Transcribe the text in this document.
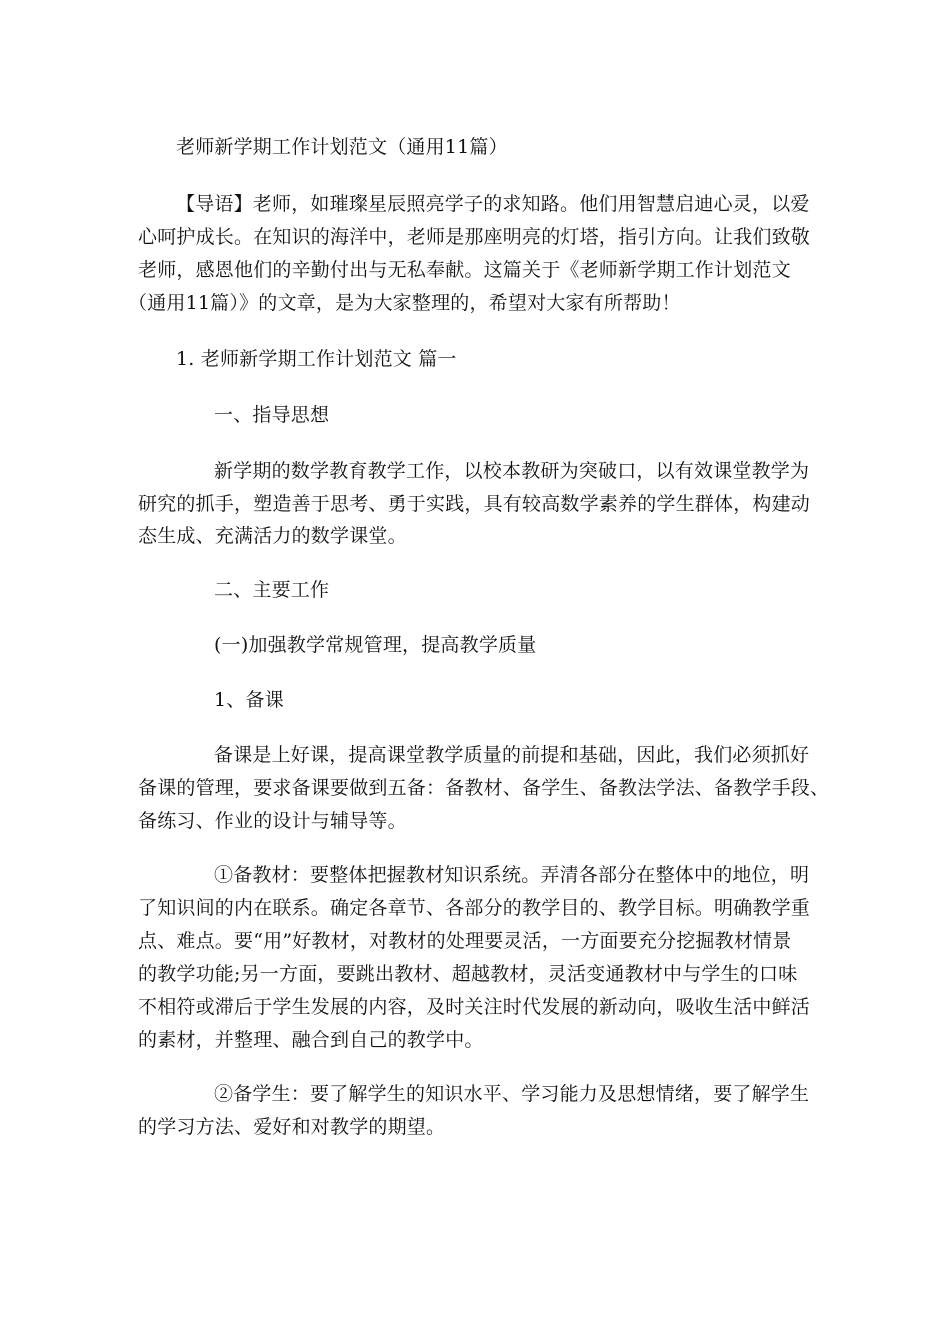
老师新学期工作计划范文（通用11篇）
【导语】老师，如璀璨星辰照亮学子的求知路。他们用智慧启迪心灵，以爱
心呵护成长。在知识的海洋中，老师是那座明亮的灯塔，指引方向。让我们致敬
老师，感恩他们的辛勤付出与无私奉献。这篇关于《老师新学期工作计划范文
（通用11篇）》的文章，是为大家整理的，希望对大家有所帮助！
1. 老师新学期工作计划范文 篇一
一、指导思想
新学期的数学教育教学工作，以校本教研为突破口，以有效课堂教学为
研究的抓手，塑造善于思考、勇于实践，具有较高数学素养的学生群体，构建动
态生成、充满活力的数学课堂。
二、主要工作
(一)加强教学常规管理，提高教学质量
1、备课
备课是上好课，提高课堂教学质量的前提和基础，因此，我们必须抓好
备课的管理，要求备课要做到五备：备教材、备学生、备教法学法、备教学手段、
备练习、作业的设计与辅导等。
①备教材：要整体把握教材知识系统。弄清各部分在整体中的地位，明
了知识间的内在联系。确定各章节、各部分的教学目的、教学目标。明确教学重
点、难点。要“用”好教材，对教材的处理要灵活，一方面要充分挖掘教材情景
的教学功能;另一方面，要跳出教材、超越教材，灵活变通教材中与学生的口味
不相符或滞后于学生发展的内容，及时关注时代发展的新动向，吸收生活中鲜活
的素材，并整理、融合到自己的教学中。
②备学生：要了解学生的知识水平、学习能力及思想情绪，要了解学生
的学习方法、爱好和对教学的期望。
